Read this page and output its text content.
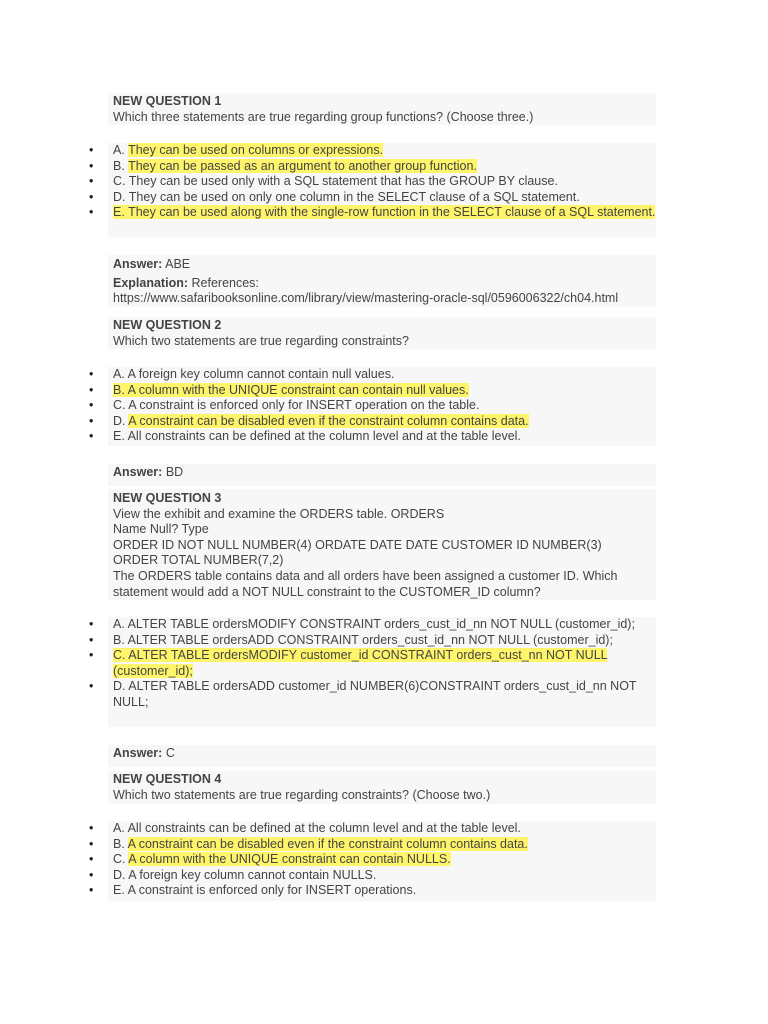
NEW QUESTION 1
Which three statements are true regarding group functions? (Choose three.)
• A. They can be used on columns or expressions.
• B. They can be passed as an argument to another group function.
• C. They can be used only with a SQL statement that has the GROUP BY clause.
• D. They can be used on only one column in the SELECT clause of a SQL statement.
• E. They can be used along with the single-row function in the SELECT clause of a SQL statement.
Answer: ABE
Explanation: References:
https://www.safaribooksonline.com/library/view/mastering-oracle-sql/0596006322/ch04.html
NEW QUESTION 2
Which two statements are true regarding constraints?
• A. A foreign key column cannot contain null values.
• B. A column with the UNIQUE constraint can contain null values.
• C. A constraint is enforced only for INSERT operation on the table.
• D. A constraint can be disabled even if the constraint column contains data.
• E. All constraints can be defined at the column level and at the table level.
Answer: BD
NEW QUESTION 3
View the exhibit and examine the ORDERS table. ORDERS
Name Null? Type
ORDER ID NOT NULL NUMBER(4) ORDATE DATE DATE CUSTOMER ID NUMBER(3)
ORDER TOTAL NUMBER(7,2)
The ORDERS table contains data and all orders have been assigned a customer ID. Which statement would add a NOT NULL constraint to the CUSTOMER_ID column?
• A. ALTER TABLE ordersMODIFY CONSTRAINT orders_cust_id_nn NOT NULL (customer_id);
• B. ALTER TABLE ordersADD CONSTRAINT orders_cust_id_nn NOT NULL (customer_id);
• C. ALTER TABLE ordersMODIFY customer_id CONSTRAINT orders_cust_nn NOT NULL (customer_id);
• D. ALTER TABLE ordersADD customer_id NUMBER(6)CONSTRAINT orders_cust_id_nn NOT NULL;
Answer: C
NEW QUESTION 4
Which two statements are true regarding constraints? (Choose two.)
• A. All constraints can be defined at the column level and at the table level.
• B. A constraint can be disabled even if the constraint column contains data.
• C. A column with the UNIQUE constraint can contain NULLS.
• D. A foreign key column cannot contain NULLS.
• E. A constraint is enforced only for INSERT operations.
